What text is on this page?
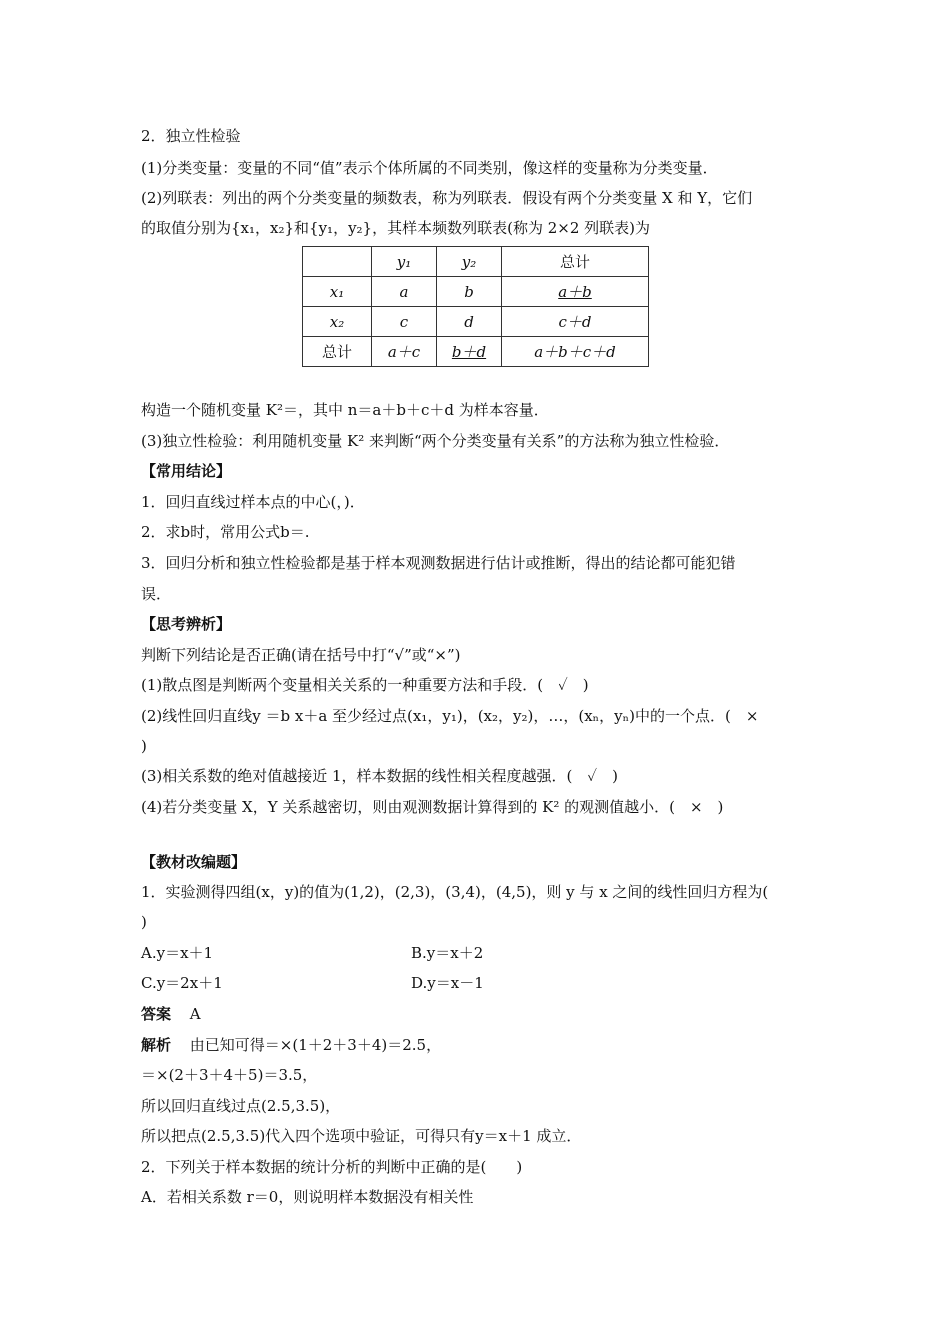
2．独立性检验
(1)分类变量：变量的不同“值”表示个体所属的不同类别，像这样的变量称为分类变量．
(2)列联表：列出的两个分类变量的频数表，称为列联表．假设有两个分类变量 X 和 Y，它们
的取值分别为{x₁，x₂}和{y₁，y₂}，其样本频数列联表(称为 2×2 列联表)为
	y₁	y₂	总计
x₁	a	b	a＋b
x₂	c	d	c＋d
总计	a＋c	b＋d	a＋b＋c＋d
构造一个随机变量 K²＝，其中 n＝a＋b＋c＋d 为样本容量．
(3)独立性检验：利用随机变量 K² 来判断“两个分类变量有关系”的方法称为独立性检验．
【常用结论】
1．回归直线过样本点的中心(，)．
2．求b时，常用公式b＝.
3．回归分析和独立性检验都是基于样本观测数据进行估计或推断，得出的结论都可能犯错
误．
【思考辨析】
判断下列结论是否正确(请在括号中打“√”或“×”)
(1)散点图是判断两个变量相关关系的一种重要方法和手段．(　✓　)
(2)线性回归直线y ＝b x＋a 至少经过点(x₁，y₁)，(x₂，y₂)，…，(xₙ，yₙ)中的一个点．(　×
)
(3)相关系数的绝对值越接近 1，样本数据的线性相关程度越强．(　✓　)
(4)若分类变量 X，Y 关系越密切，则由观测数据计算得到的 K² 的观测值越小．(　×　)
【教材改编题】
1．实验测得四组(x，y)的值为(1,2)，(2,3)，(3,4)，(4,5)，则 y 与 x 之间的线性回归方程为(
)
A.y＝x＋1	B.y＝x＋2
C.y＝2x＋1	D.y＝x－1
答案 A
解析 由已知可得＝×(1＋2＋3＋4)＝2.5，
＝×(2＋3＋4＋5)＝3.5，
所以回归直线过点(2.5,3.5)，
所以把点(2.5,3.5)代入四个选项中验证，可得只有y＝x＋1 成立．
2．下列关于样本数据的统计分析的判断中正确的是(　　)
A．若相关系数 r＝0，则说明样本数据没有相关性
